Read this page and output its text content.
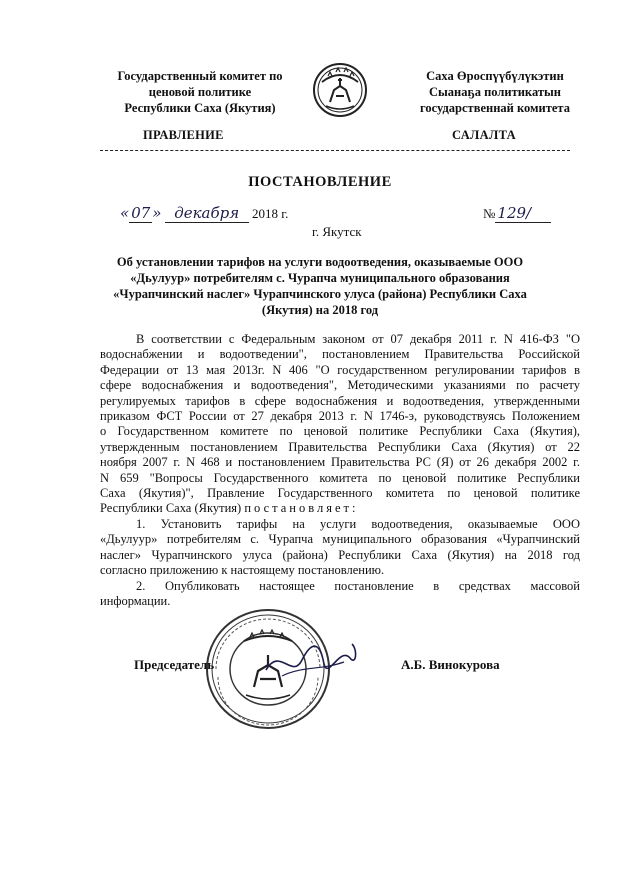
Государственный комитет по
ценовой политике
Республики Саха (Якутия)
Саха Өроспүүбүлүкэтин
Сыанаҕа политикатын
государственнай комитета
ПРАВЛЕНИЕ	САЛАЛТА
ПОСТАНОВЛЕНИЕ
« 07 » декабря 2018 г.	№ 129/
г. Якутск
Об установлении тарифов на услуги водоотведения, оказываемые ООО
«Дьулуур» потребителям с. Чурапча муниципального образования
«Чурапчинский наслег» Чурапчинского улуса (района) Республики Саха
(Якутия) на 2018 год
В соответствии с Федеральным законом от 07 декабря 2011 г. N 416-ФЗ "О
водоснабжении и водоотведении", постановлением Правительства Российской
Федерации от 13 мая 2013г. N 406 "О государственном регулировании тарифов в
сфере водоснабжения и водоотведения", Методическими указаниями по расчету
регулируемых тарифов в сфере водоснабжения и водоотведения, утвержденными
приказом ФСТ России от 27 декабря 2013 г. N 1746-э, руководствуясь Положением
о Государственном комитете по ценовой политике Республики Саха (Якутия),
утвержденным постановлением Правительства Республики Саха (Якутия) от 22
ноября 2007 г. N 468 и постановлением Правительства РС (Я) от 26 декабря 2002 г.
N 659 "Вопросы Государственного комитета по ценовой политике Республики
Саха (Якутия)", Правление Государственного комитета по ценовой политике
Республики Саха (Якутия) постановляет:
1. Установить тарифы на услуги водоотведения, оказываемые ООО
«Дьулуур» потребителям с. Чурапча муниципального образования «Чурапчинский
наслег» Чурапчинского улуса (района) Республики Саха (Якутия) на 2018 год
согласно приложению к настоящему постановлению.
2. Опубликовать настоящее постановление в средствах массовой
информации.
Председатель	А.Б. Винокурова
